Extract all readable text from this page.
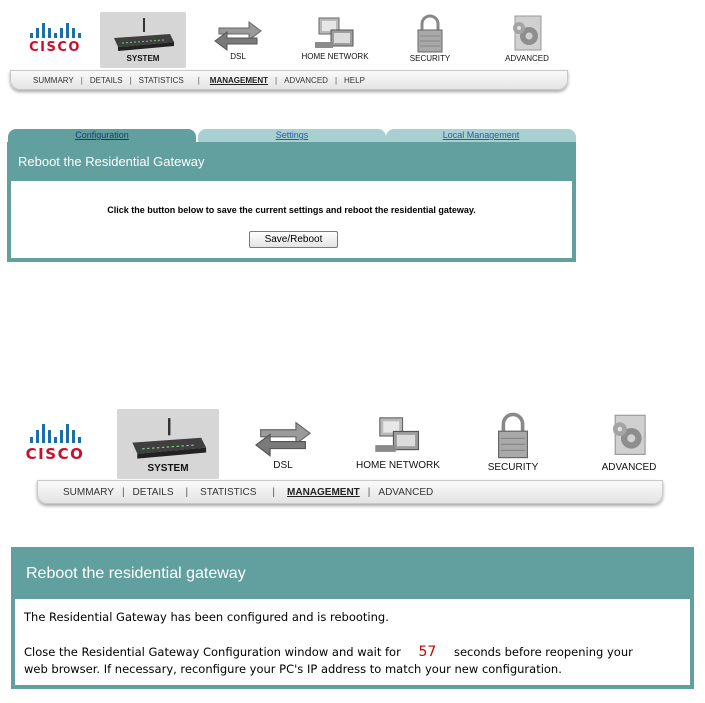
CISCO
SYSTEM	DSL	HOME NETWORK	SECURITY	ADVANCED
SUMMARY | DETAILS | STATISTICS | MANAGEMENT | ADVANCED | HELP
Configuration	Settings	Local Management
Reboot the Residential Gateway
Click the button below to save the current settings and reboot the residential gateway.
Save/Reboot
CISCO
SYSTEM	DSL	HOME NETWORK	SECURITY	ADVANCED
SUMMARY | DETAILS | STATISTICS | MANAGEMENT | ADVANCED
Reboot the residential gateway
The Residential Gateway has been configured and is rebooting.
Close the Residential Gateway Configuration window and wait for 57 seconds before reopening your
web browser. If necessary, reconfigure your PC's IP address to match your new configuration.
